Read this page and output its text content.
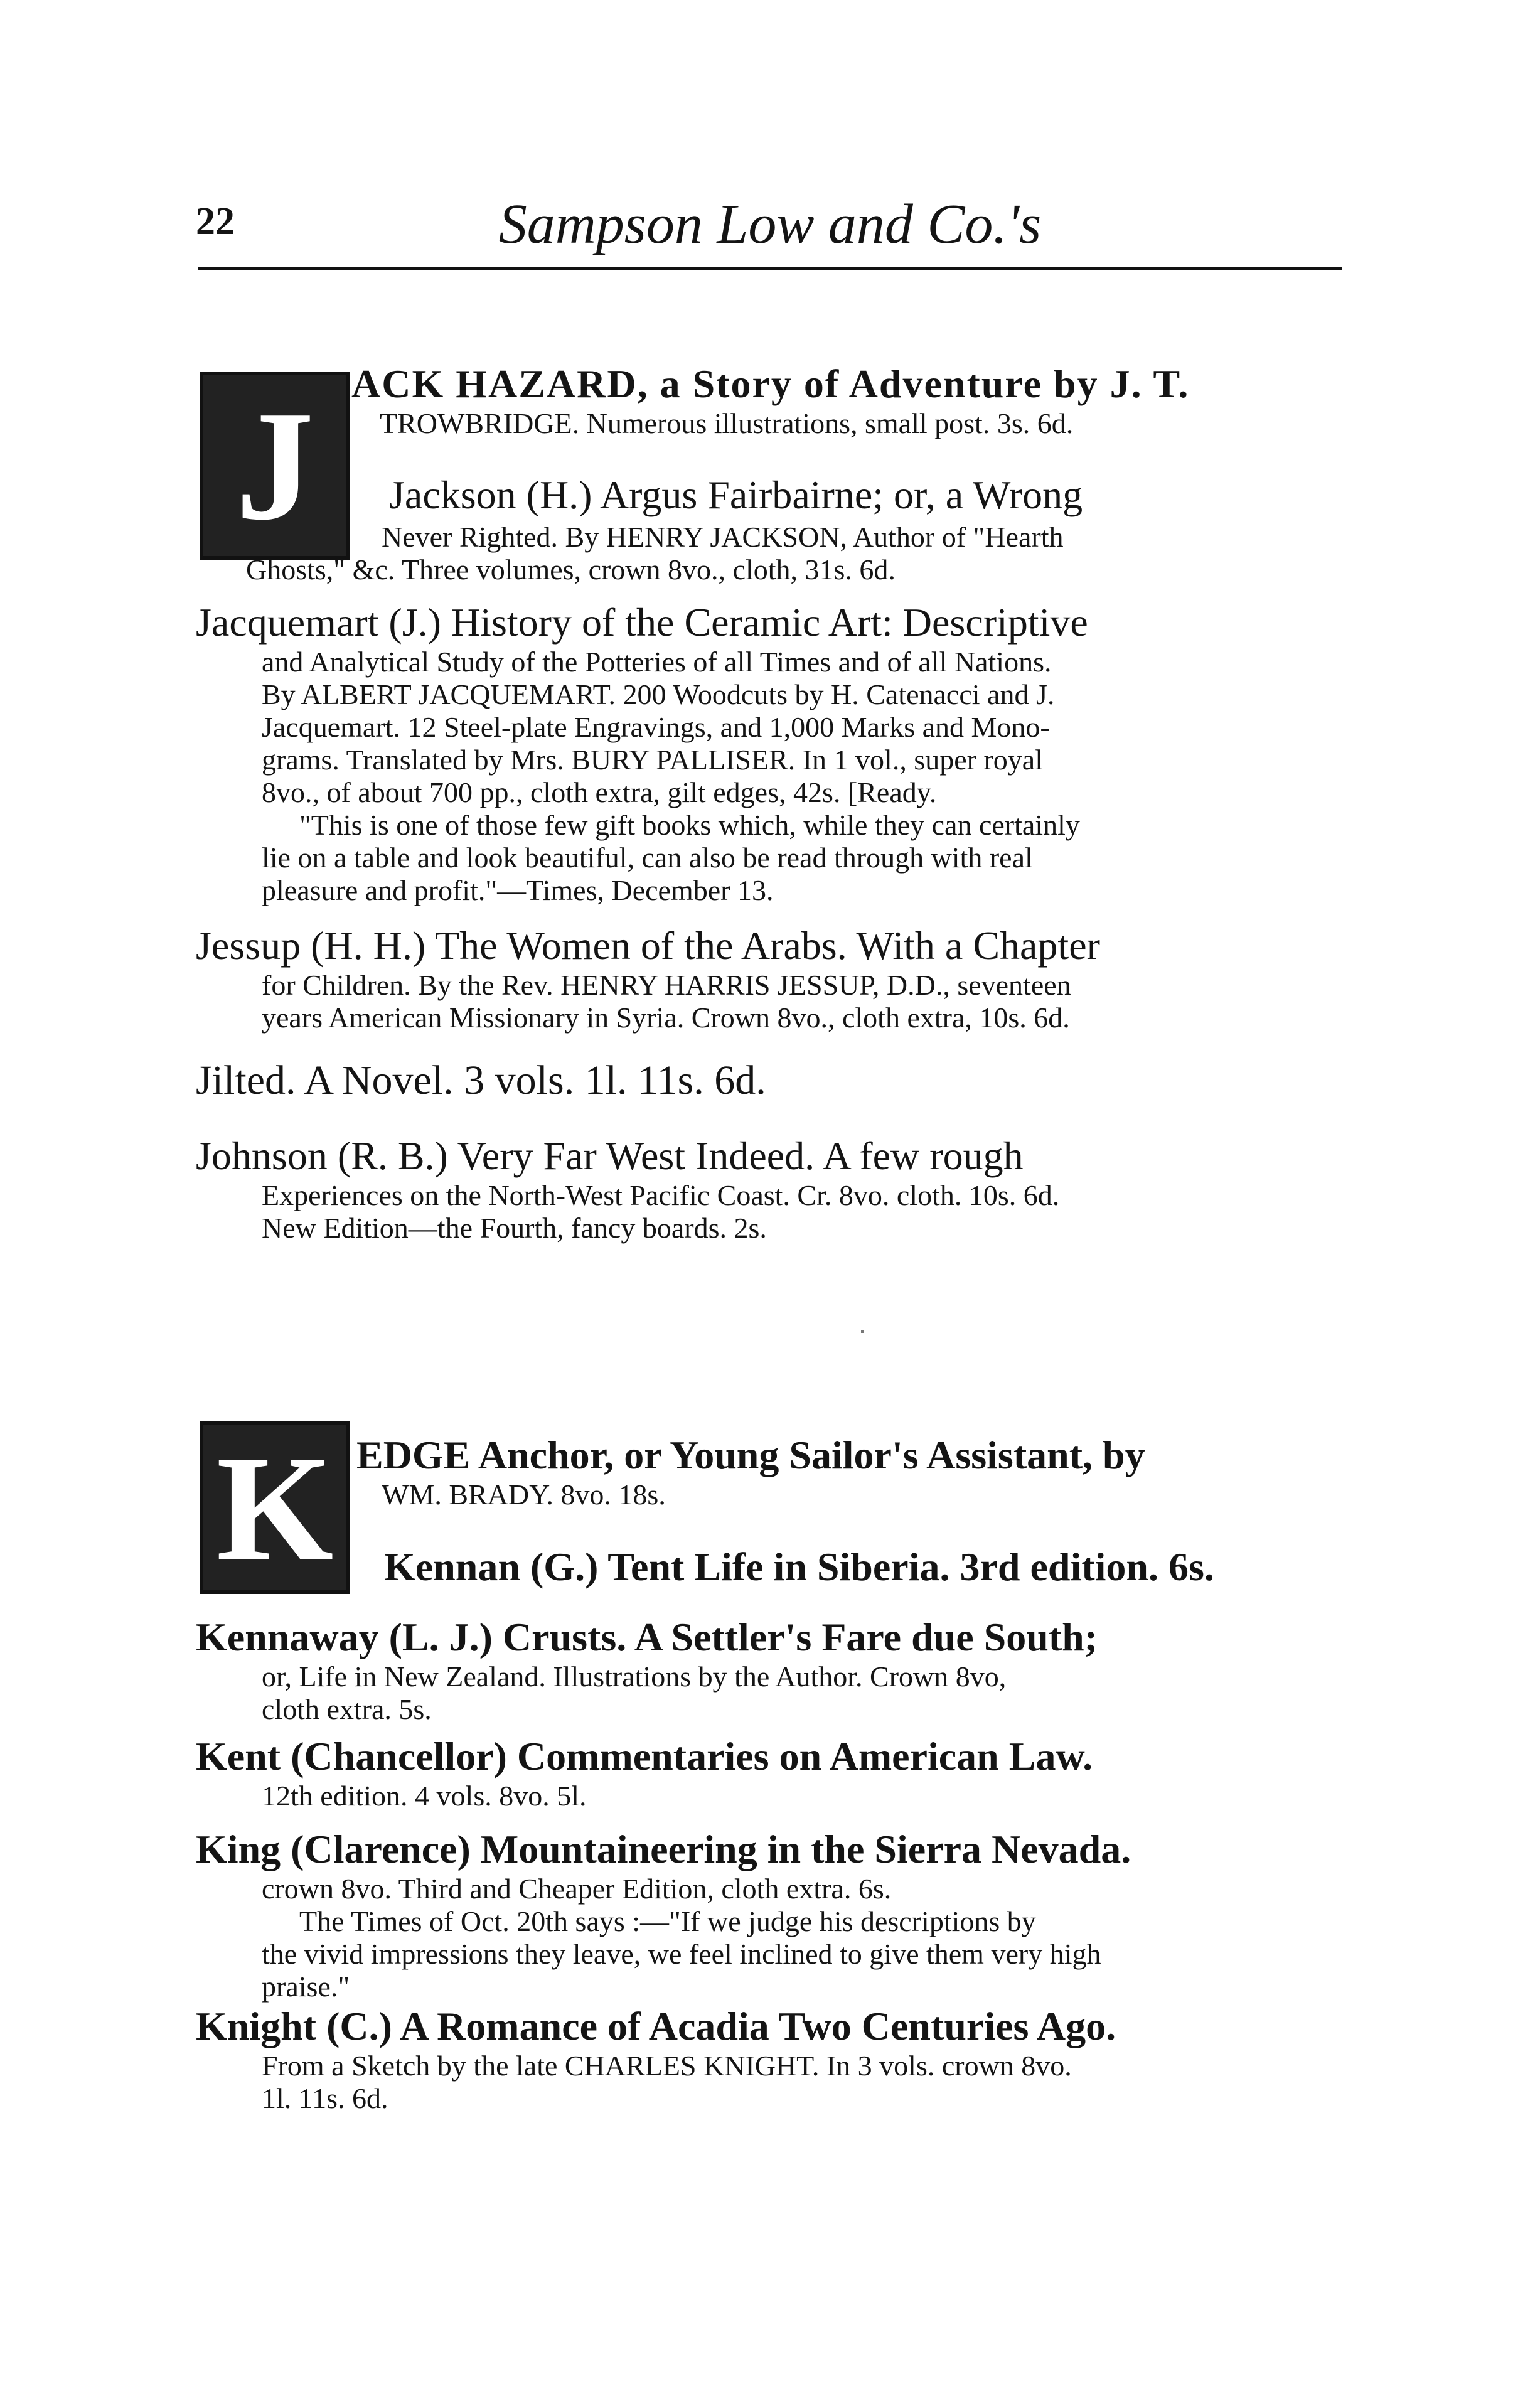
22	Sampson Low and Co.'s
J ACK HAZARD, a Story of Adventure by J. T.
TROWBRIDGE. Numerous illustrations, small post. 3s. 6d.
Jackson (H.) Argus Fairbairne; or, a Wrong
Never Righted. By HENRY JACKSON, Author of "Hearth
Ghosts," &c. Three volumes, crown 8vo., cloth, 31s. 6d.
Jacquemart (J.) History of the Ceramic Art: Descriptive
and Analytical Study of the Potteries of all Times and of all Nations.
By ALBERT JACQUEMART. 200 Woodcuts by H. Catenacci and J.
Jacquemart. 12 Steel-plate Engravings, and 1,000 Marks and Mono-
grams. Translated by Mrs. BURY PALLISER. In 1 vol., super royal
8vo., of about 700 pp., cloth extra, gilt edges, 42s. [Ready.
"This is one of those few gift books which, while they can certainly
lie on a table and look beautiful, can also be read through with real
pleasure and profit."—Times, December 13.
Jessup (H. H.) The Women of the Arabs. With a Chapter
for Children. By the Rev. HENRY HARRIS JESSUP, D.D., seventeen
years American Missionary in Syria. Crown 8vo., cloth extra, 10s. 6d.
Jilted. A Novel. 3 vols. 1l. 11s. 6d.
Johnson (R. B.) Very Far West Indeed. A few rough
Experiences on the North-West Pacific Coast. Cr. 8vo. cloth. 10s. 6d.
New Edition—the Fourth, fancy boards. 2s.
K EDGE Anchor, or Young Sailor's Assistant, by
WM. BRADY. 8vo. 18s.
Kennan (G.) Tent Life in Siberia. 3rd edition. 6s.
Kennaway (L. J.) Crusts. A Settler's Fare due South;
or, Life in New Zealand. Illustrations by the Author. Crown 8vo,
cloth extra. 5s.
Kent (Chancellor) Commentaries on American Law.
12th edition. 4 vols. 8vo. 5l.
King (Clarence) Mountaineering in the Sierra Nevada.
crown 8vo. Third and Cheaper Edition, cloth extra. 6s.
The Times of Oct. 20th says :—"If we judge his descriptions by
the vivid impressions they leave, we feel inclined to give them very high
praise."
Knight (C.) A Romance of Acadia Two Centuries Ago.
From a Sketch by the late CHARLES KNIGHT. In 3 vols. crown 8vo.
1l. 11s. 6d.
